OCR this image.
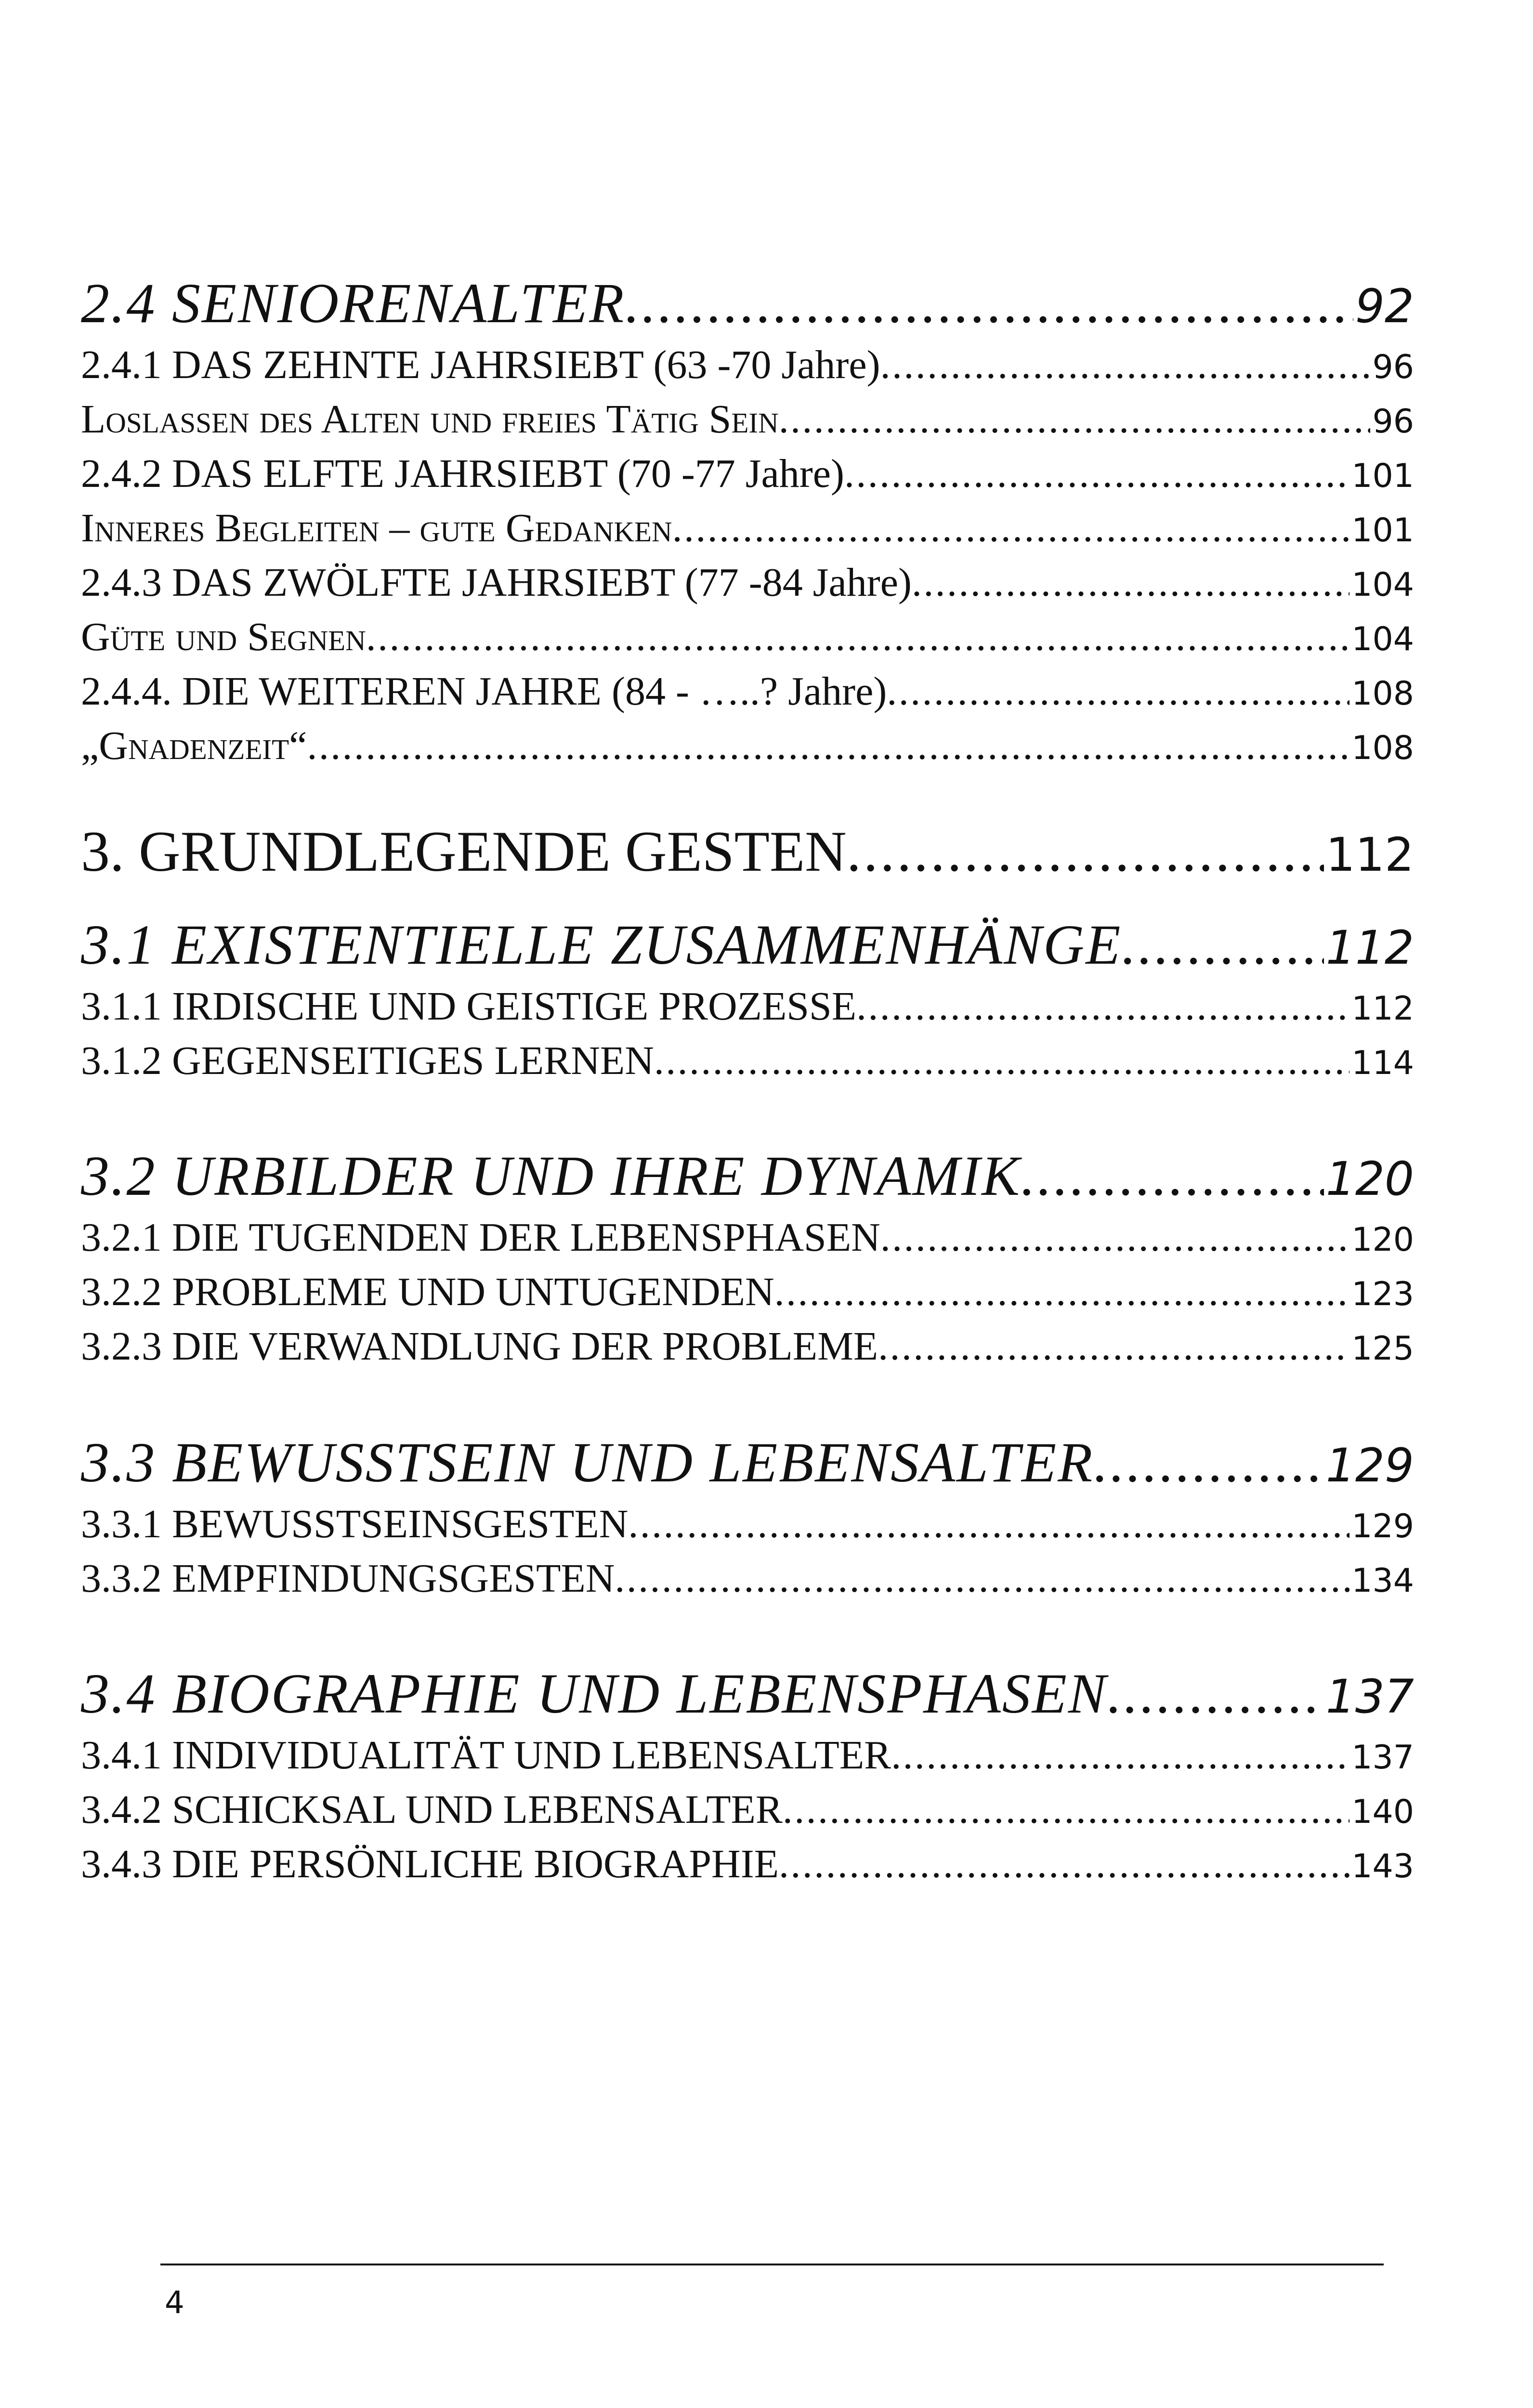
2.4 SENIORENALTER .....	92
2.4.1 DAS ZEHNTE JAHRSIEBT (63 -70 Jahre) .....	96
Loslassen des Alten und freies Tätig Sein .....	96
2.4.2 DAS ELFTE JAHRSIEBT (70 -77 Jahre) .....	101
Inneres Begleiten – gute Gedanken .....	101
2.4.3 DAS ZWÖLFTE JAHRSIEBT (77 -84 Jahre) .....	104
Güte und Segnen .....	104
2.4.4. DIE WEITEREN JAHRE (84 - …..? Jahre) .....	108
„Gnadenzeit“ .....	108
3. GRUNDLEGENDE GESTEN .....	112
3.1 EXISTENTIELLE ZUSAMMENHÄNGE .....	112
3.1.1 IRDISCHE UND GEISTIGE PROZESSE .....	112
3.1.2 GEGENSEITIGES LERNEN .....	114
3.2 URBILDER UND IHRE DYNAMIK .....	120
3.2.1 DIE TUGENDEN DER LEBENSPHASEN .....	120
3.2.2 PROBLEME UND UNTUGENDEN .....	123
3.2.3 DIE VERWANDLUNG DER PROBLEME .....	125
3.3 BEWUSSTSEIN UND LEBENSALTER .....	129
3.3.1 BEWUSSTSEINSGESTEN .....	129
3.3.2 EMPFINDUNGSGESTEN .....	134
3.4 BIOGRAPHIE UND LEBENSPHASEN .....	137
3.4.1 INDIVIDUALITÄT UND LEBENSALTER .....	137
3.4.2 SCHICKSAL UND LEBENSALTER .....	140
3.4.3 DIE PERSÖNLICHE BIOGRAPHIE .....	143
4
